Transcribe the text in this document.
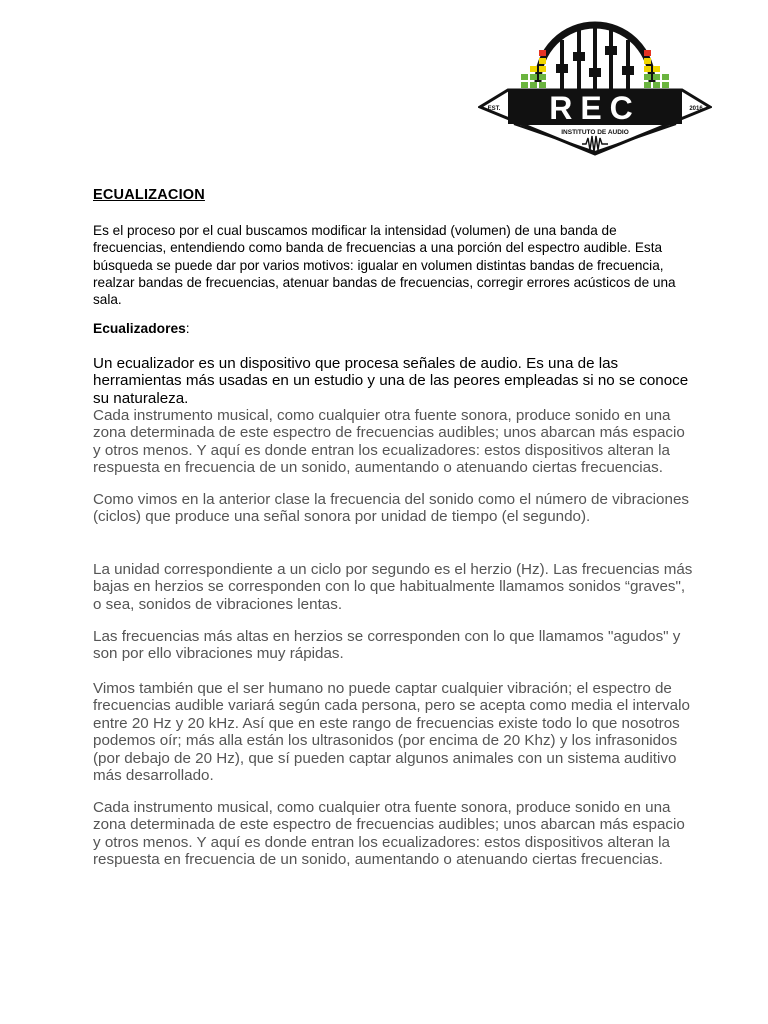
REC
EST.	2016
INSTITUTO DE AUDIO
ECUALIZACION

Es el proceso por el cual buscamos modificar la intensidad (volumen) de una banda de frecuencias, entendiendo como banda de frecuencias a una porción del espectro audible. Esta búsqueda se puede dar por varios motivos: igualar en volumen distintas bandas de frecuencia, realzar bandas de frecuencias, atenuar bandas de frecuencias, corregir errores acústicos de una sala.

Ecualizadores:

Un ecualizador es un dispositivo que procesa señales de audio. Es una de las herramientas más usadas en un estudio y una de las peores empleadas si no se conoce su naturaleza.

Cada instrumento musical, como cualquier otra fuente sonora, produce sonido en una zona determinada de este espectro de frecuencias audibles; unos abarcan más espacio y otros menos. Y aquí es donde entran los ecualizadores: estos dispositivos alteran la respuesta en frecuencia de un sonido, aumentando o atenuando ciertas frecuencias.

Como vimos en la anterior clase la frecuencia del sonido como el número de vibraciones (ciclos) que produce una señal sonora por unidad de tiempo (el segundo).

La unidad correspondiente a un ciclo por segundo es el herzio (Hz). Las frecuencias más bajas en herzios se corresponden con lo que habitualmente llamamos sonidos “graves", o sea, sonidos de vibraciones lentas.

Las frecuencias más altas en herzios se corresponden con lo que llamamos "agudos" y son por ello vibraciones muy rápidas.

Vimos también que el ser humano no puede captar cualquier vibración; el espectro de frecuencias audible variará según cada persona, pero se acepta como media el intervalo entre 20 Hz y 20 kHz. Así que en este rango de frecuencias existe todo lo que nosotros podemos oír; más alla están los ultrasonidos (por encima de 20 Khz) y los infrasonidos (por debajo de 20 Hz), que sí pueden captar algunos animales con un sistema auditivo más desarrollado.

Cada instrumento musical, como cualquier otra fuente sonora, produce sonido en una zona determinada de este espectro de frecuencias audibles; unos abarcan más espacio y otros menos. Y aquí es donde entran los ecualizadores: estos dispositivos alteran la respuesta en frecuencia de un sonido, aumentando o atenuando ciertas frecuencias.
